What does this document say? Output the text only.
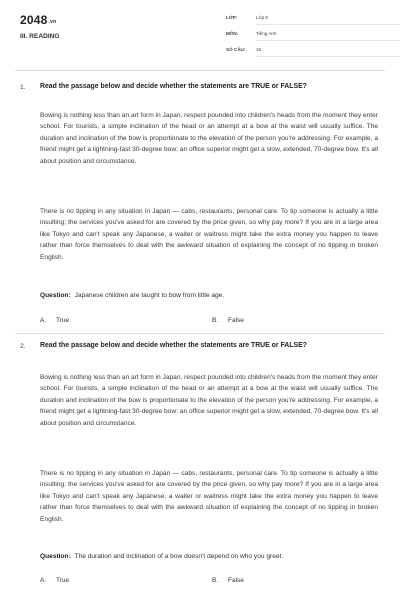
2048.vn
III. READING
LỚP:	Lớp 8
MÔN:	Tiếng Anh
SỐ CÂU: 15
1. Read the passage below and decide whether the statements are TRUE or FALSE?

Bowing is nothing less than an art form in Japan, respect pounded into children's heads from the moment they enter school. For tourists, a simple inclination of the head or an attempt at a bow at the waist will usually suffice. The duration and inclination of the bow is proportionate to the elevation of the person you're addressing. For example, a friend might get a lightning-fast 30-degree bow; an office superior might get a slow, extended, 70-degree bow. It's all about position and circumstance.

There is no tipping in any situation in Japan — cabs, restaurants, personal care. To tip someone is actually a little insulting; the services you've asked for are covered by the price given, so why pay more? If you are in a large area like Tokyo and can't speak any Japanese, a waiter or waitress might take the extra money you happen to leave rather than force themselves to deal with the awkward situation of explaining the concept of no tipping in broken English.

Question: Japanese children are taught to bow from little age.
A. True	B. False
2. Read the passage below and decide whether the statements are TRUE or FALSE?

Bowing is nothing less than an art form in Japan, respect pounded into children's heads from the moment they enter school. For tourists, a simple inclination of the head or an attempt at a bow at the waist will usually suffice. The duration and inclination of the bow is proportionate to the elevation of the person you're addressing. For example, a friend might get a lightning-fast 30-degree bow; an office superior might get a slow, extended, 70-degree bow. It's all about position and circumstance.

There is no tipping in any situation in Japan — cabs, restaurants, personal care. To tip someone is actually a little insulting; the services you've asked for are covered by the price given, so why pay more? If you are in a large area like Tokyo and can't speak any Japanese, a waiter or waitress might take the extra money you happen to leave rather than force themselves to deal with the awkward situation of explaining the concept of no tipping in broken English.

Question: The duration and inclination of a bow doesn't depend on who you greet.
A. True	B. False
